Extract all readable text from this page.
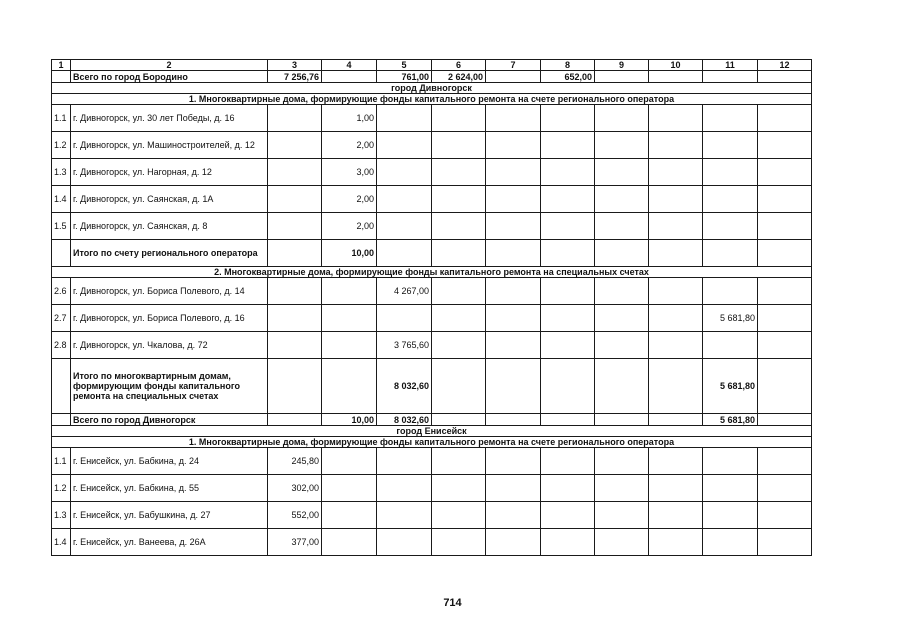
1	2	3	4	5	6	7	8	9	10	11	12
	Всего по город Бородино	7 256,76		761,00	2 624,00		652,00				
город Дивногорск											
1. Многоквартирные дома, формирующие фонды капитального ремонта на счете регионального оператора											
1.1	г. Дивногорск, ул. 30 лет Победы, д. 16		1,00								
1.2	г. Дивногорск, ул. Машиностроителей, д. 12		2,00								
1.3	г. Дивногорск, ул. Нагорная, д. 12		3,00								
1.4	г. Дивногорск, ул. Саянская, д. 1А		2,00								
1.5	г. Дивногорск, ул. Саянская, д. 8		2,00								
	Итого по счету регионального оператора		10,00								
2. Многоквартирные дома, формирующие фонды капитального ремонта на специальных счетах											
2.6	г. Дивногорск, ул. Бориса Полевого, д. 14			4 267,00							
2.7	г. Дивногорск, ул. Бориса Полевого, д. 16									5 681,80	
2.8	г. Дивногорск, ул. Чкалова, д. 72			3 765,60							
	Итого по многоквартирным домам, формирующим фонды капитального ремонта на специальных счетах			8 032,60						5 681,80	
	Всего по город Дивногорск		10,00	8 032,60						5 681,80	
город Енисейск											
1. Многоквартирные дома, формирующие фонды капитального ремонта на счете регионального оператора											
1.1	г. Енисейск, ул. Бабкина, д. 24	245,80									
1.2	г. Енисейск, ул. Бабкина, д. 55	302,00									
1.3	г. Енисейск, ул. Бабушкина, д. 27	552,00									
1.4	г. Енисейск, ул. Ванеева, д. 26А	377,00									
714
